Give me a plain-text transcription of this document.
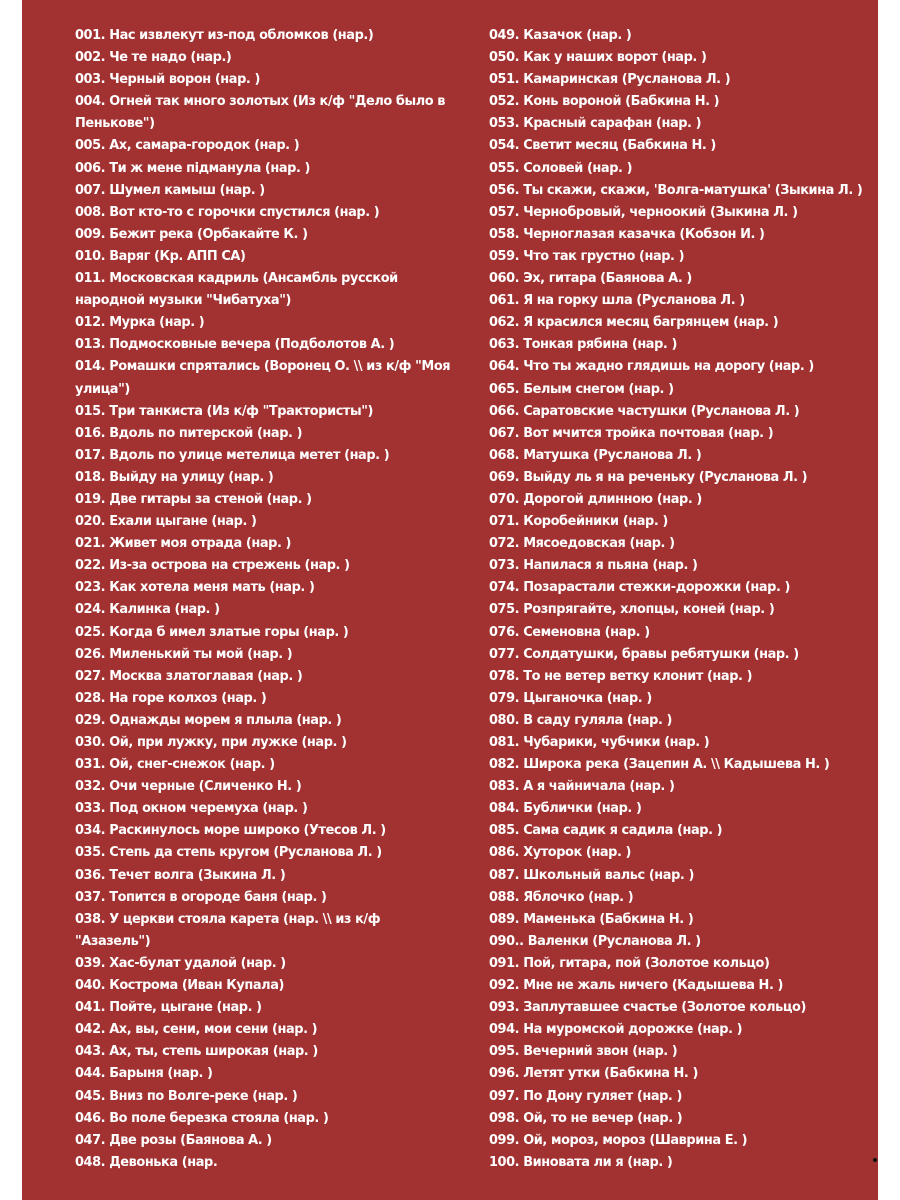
001. Нас извлекут из-под обломков (нар.)
002. Че те надо (нар.)
003. Черный ворон (нар. )
004. Огней так много золотых (Из к/ф "Дело было в Пеньковe")
005. Ах, самара-городок (нар. )
006. Ти ж мене пiдманула (нар. )
007. Шумел камыш (нар. )
008. Вот кто-то с горочки спустился (нар. )
009. Бежит река (Орбакайте К. )
010. Варяг (Кр. АПП СА)
011. Московская кадриль (Ансамбль русской народной музыки "Чибатуха")
012. Мурка (нар. )
013. Подмосковные вечера (Подболотов А. )
014. Ромашки спрятались (Воронец О. \\ из к/ф "Моя улица")
015. Три танкиста (Из к/ф "Трактористы")
016. Вдоль по питерской (нар. )
017. Вдоль по улице метелица метет (нар. )
018. Выйду на улицу (нар. )
019. Две гитары за стеной (нар. )
020. Ехали цыгане (нар. )
021. Живет моя отрада (нар. )
022. Из-за острова на стрежень (нар. )
023. Как хотела меня мать (нар. )
024. Калинка (нар. )
025. Когда б имел златые горы (нар. )
026. Миленький ты мой (нар. )
027. Москва златоглавая (нар. )
028. На горе колхоз (нар. )
029. Однажды морем я плыла (нар. )
030. Ой, при лужку, при лужке (нар. )
031. Ой, снег-снежок (нар. )
032. Очи черные (Сличенко Н. )
033. Под окном черемуха (нар. )
034. Раскинулось море широко (Утесов Л. )
035. Степь да степь кругом (Русланова Л. )
036. Течет волга (Зыкина Л. )
037. Топится в огороде баня (нар. )
038. У церкви стояла карета (нар. \\ из к/ф "Азазель")
039. Хас-булат удалой (нар. )
040. Кострома (Иван Купала)
041. Пойте, цыгане (нар. )
042. Ах, вы, сени, мои сени (нар. )
043. Ах, ты, степь широкая (нар. )
044. Барыня (нар. )
045. Вниз по Волге-реке (нар. )
046. Во поле березка стояла (нар. )
047. Две розы (Баянова А. )
048. Девонька (нар.
049. Казачок (нар. )
050. Как у наших ворот (нар. )
051. Камаринская (Русланова Л. )
052. Конь вороной (Бабкина Н. )
053. Красный сарафан (нар. )
054. Светит месяц (Бабкина Н. )
055. Соловей (нар. )
056. Ты скажи, скажи, 'Волга-матушка' (Зыкина Л. )
057. Чернобровый, черноокий (Зыкина Л. )
058. Черноглазая казачка (Кобзон И. )
059. Что так грустно (нар. )
060. Эх, гитара (Баянова А. )
061. Я на горку шла (Русланова Л. )
062. Я красился месяц багрянцем (нар. )
063. Тонкая рябина (нар. )
064. Что ты жадно глядишь на дорогу (нар. )
065. Белым снегом (нар. )
066. Саратовские частушки (Русланова Л. )
067. Вот мчится тройка почтовая (нар. )
068. Матушка (Русланова Л. )
069. Выйду ль я на реченьку (Русланова Л. )
070. Дорогой длинною (нар. )
071. Коробейники (нар. )
072. Мясоедовская (нар. )
073. Напилася я пьяна (нар. )
074. Позарастали стежки-дорожки (нар. )
075. Розпрягайте, хлопцы, коней (нар. )
076. Семеновна (нар. )
077. Солдатушки, бравы ребятушки (нар. )
078. То не ветер ветку клонит (нар. )
079. Цыганочка (нар. )
080. В саду гуляла (нар. )
081. Чубарики, чубчики (нар. )
082. Широка река (Зацепин А. \\ Кадышева Н. )
083. А я чайничала (нар. )
084. Бублички (нар. )
085. Сама садик я садила (нар. )
086. Хуторок (нар. )
087. Школьный вальс (нар. )
088. Яблочко (нар. )
089. Маменька (Бабкина Н. )
090.. Валенки (Русланова Л. )
091. Пой, гитара, пой (Золотое кольцо)
092. Мне не жаль ничего (Кадышева Н. )
093. Заплутавшее счастье (Золотое кольцо)
094. На муромской дорожке (нар. )
095. Вечерний звон (нар. )
096. Летят утки (Бабкина Н. )
097. По Дону гуляет (нар. )
098. Ой, то не вечер (нар. )
099. Ой, мороз, мороз (Шаврина Е. )
100. Виновата ли я (нар. )
